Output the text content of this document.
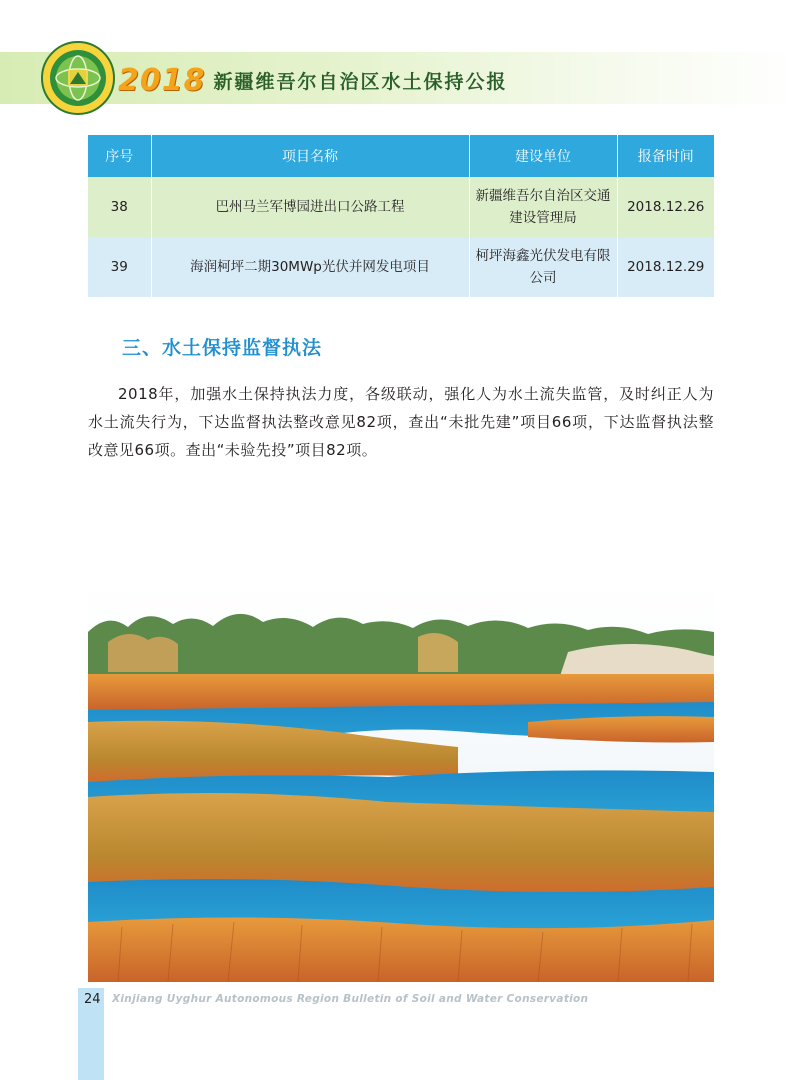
2018 新疆维吾尔自治区水土保持公报
序号	项目名称	建设单位	报备时间
38	巴州马兰军博园进出口公路工程	新疆维吾尔自治区交通建设管理局	2018.12.26
39	海润柯坪二期30MWp光伏并网发电项目	柯坪海鑫光伏发电有限公司	2018.12.29
三、水土保持监督执法

2018年，加强水土保持执法力度，各级联动，强化人为水土流失监管，及时纠正人为水土流失行为，下达监督执法整改意见82项，查出“未批先建”项目66项，下达监督执法整改意见66项。查出“未验先投”项目82项。

24 Xinjiang Uyghur Autonomous Region Bulletin of Soil and Water Conservation
